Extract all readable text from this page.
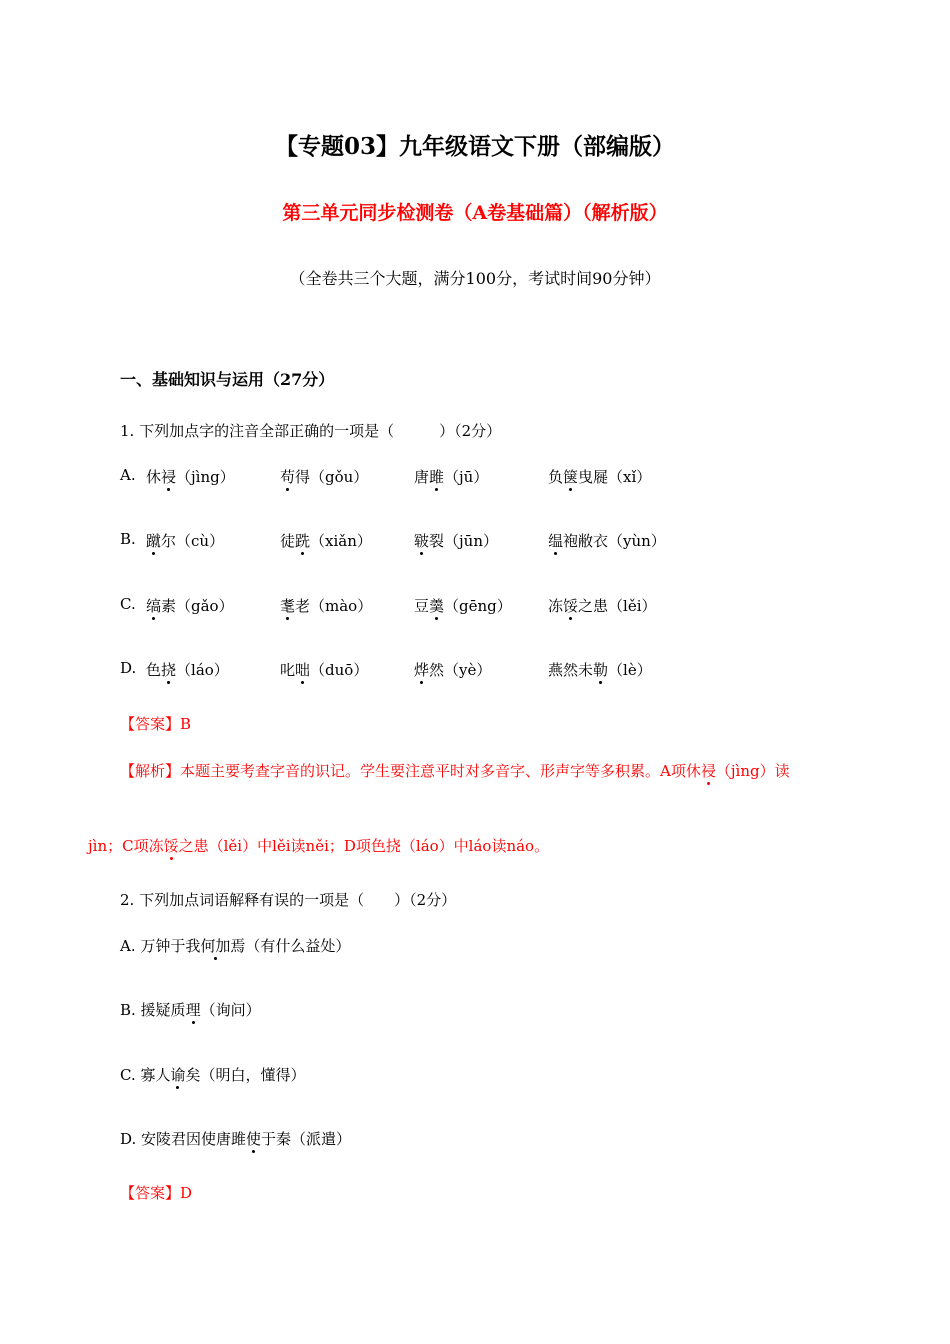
【专题03】九年级语文下册（部编版）
第三单元同步检测卷（A卷基础篇）（解析版）
（全卷共三个大题，满分100分，考试时间90分钟）
一、基础知识与运用（27分）
1. 下列加点字的注音全部正确的一项是（　　　）（2分）
A. 休祲（jìng）	苟得（gǒu）	唐雎（jū）	负箧曳屣（xǐ）
B. 蹴尔（cù）	徒跣（xiǎn）	皲裂（jūn）	缊袍敝衣（yùn）
C. 缟素（gǎo）	耄老（mào）	豆羹（gēng） 冻馁之患（lěi）
D. 色挠（láo）	叱咄（duō）	烨然（yè）	燕然未勒（lè）
【答案】B
【解析】本题主要考查字音的识记。学生要注意平时对多音字、形声字等多积累。A项休祲（jìng）读
jìn；C项冻馁之患（lěi）中lěi读něi；D项色挠（láo）中láo读náo。
2. 下列加点词语解释有误的一项是（　　）（2分）
A. 万钟于我何加焉（有什么益处）
B. 援疑质理（询问）
C. 寡人谕矣（明白，懂得）
D. 安陵君因使唐雎使于秦（派遣）
【答案】D
